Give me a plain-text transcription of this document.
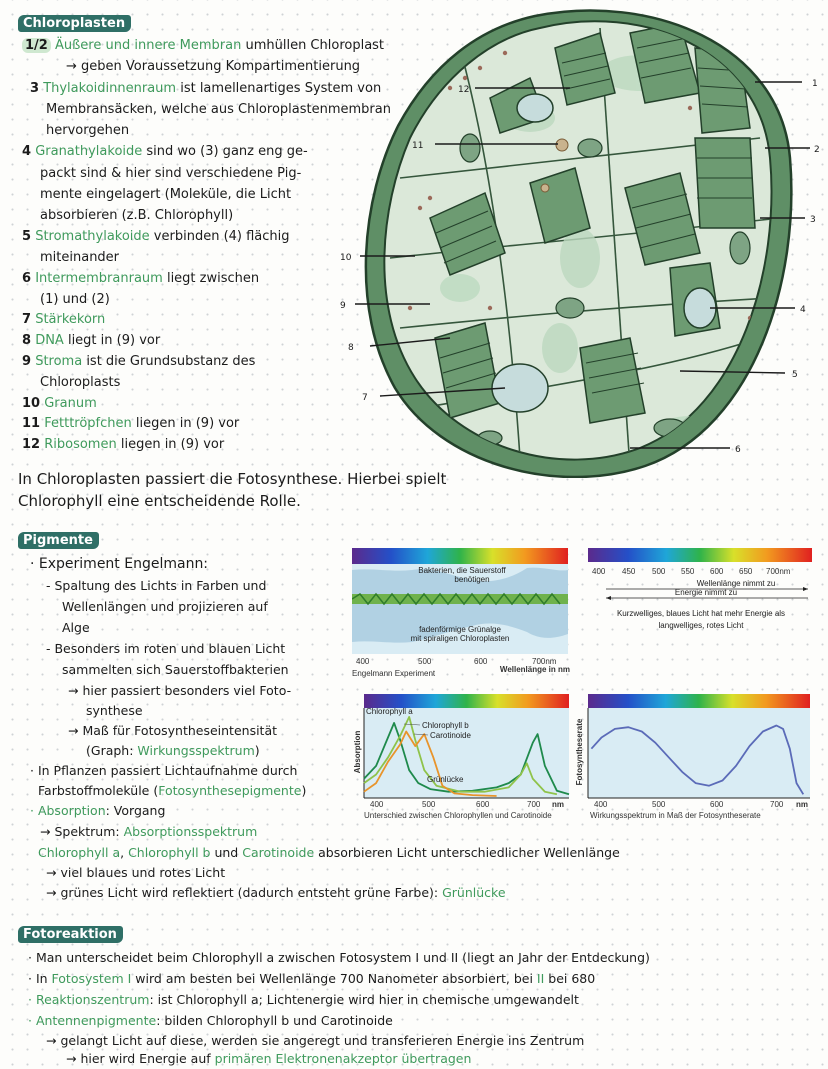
Chloroplasten
1/2 Äußere und innere Membran umhüllen Chloroplast
→ geben Voraussetzung Kompartimentierung
3 Thylakoidinnenraum ist lamellenartiges System von
Membransäcken, welche aus Chloroplastenmembran
hervorgehen
4 Granathylakoide sind wo (3) ganz eng ge-
packt sind & hier sind verschiedene Pig-
mente eingelagert (Moleküle, die Licht
absorbieren (z.B. Chlorophyll)
5 Stromathylakoide verbinden (4) flächig
miteinander
6 Intermembranraum liegt zwischen
(1) und (2)
7 Stärkekorn
8 DNA liegt in (9) vor
9 Stroma ist die Grundsubstanz des
Chloroplasts
10 Granum
11 Fetttröpfchen liegen in (9) vor
12 Ribosomen liegen in (9) vor
In Chloroplasten passiert die Fotosynthese. Hierbei spielt
Chlorophyll eine entscheidende Rolle.
1
2
3
4
5
6
7
8
9
10
11
12
Pigmente
· Experiment Engelmann:
- Spaltung des Lichts in Farben und
Wellenlängen und projizieren auf
Alge
- Besonders im roten und blauen Licht
sammelten sich Sauerstoffbakterien
→ hier passiert besonders viel Foto-
synthese
→ Maß für Fotosyntheseintensität
(Graph: Wirkungsspektrum)
· In Pflanzen passiert Lichtaufnahme durch
Farbstoffmoleküle (Fotosynthesepigmente)
· Absorption: Vorgang
→ Spektrum: Absorptionsspektrum
Chlorophyll a, Chlorophyll b und Carotinoide absorbieren Licht unterschiedlicher Wellenlänge
→ viel blaues und rotes Licht
→ grünes Licht wird reflektiert (dadurch entsteht grüne Farbe): Grünlücke
Bakterien, die Sauerstoff
benötigen
fadenförmige Grünalge
mit spiraligen Chloroplasten
400	500	600	700nm
Engelmann Experiment	Wellenlänge in nm
400 450 500 550 600 650 700nm
Wellenlänge nimmt zu
Energie nimmt zu
Kurzwelliges, blaues Licht hat mehr Energie als
langwelliges, rotes Licht
Absorption
Chlorophyll a
Chlorophyll b
Carotinoide
Grünlücke
400	500	600	700 nm
Unterschied zwischen Chlorophyllen und Carotinoide
Fotosyntheserate
400	500	600	700 nm
Wirkungsspektrum in Maß der Fotosyntheserate
Fotoreaktion
· Man unterscheidet beim Chlorophyll a zwischen Fotosystem I und II (liegt an Jahr der Entdeckung)
· In Fotosystem I wird am besten bei Wellenlänge 700 Nanometer absorbiert, bei II bei 680
· Reaktionszentrum: ist Chlorophyll a; Lichtenergie wird hier in chemische umgewandelt
· Antennenpigmente: bilden Chlorophyll b und Carotinoide
→ gelangt Licht auf diese, werden sie angeregt und transferieren Energie ins Zentrum
→ hier wird Energie auf primären Elektronenakzeptor übertragen
